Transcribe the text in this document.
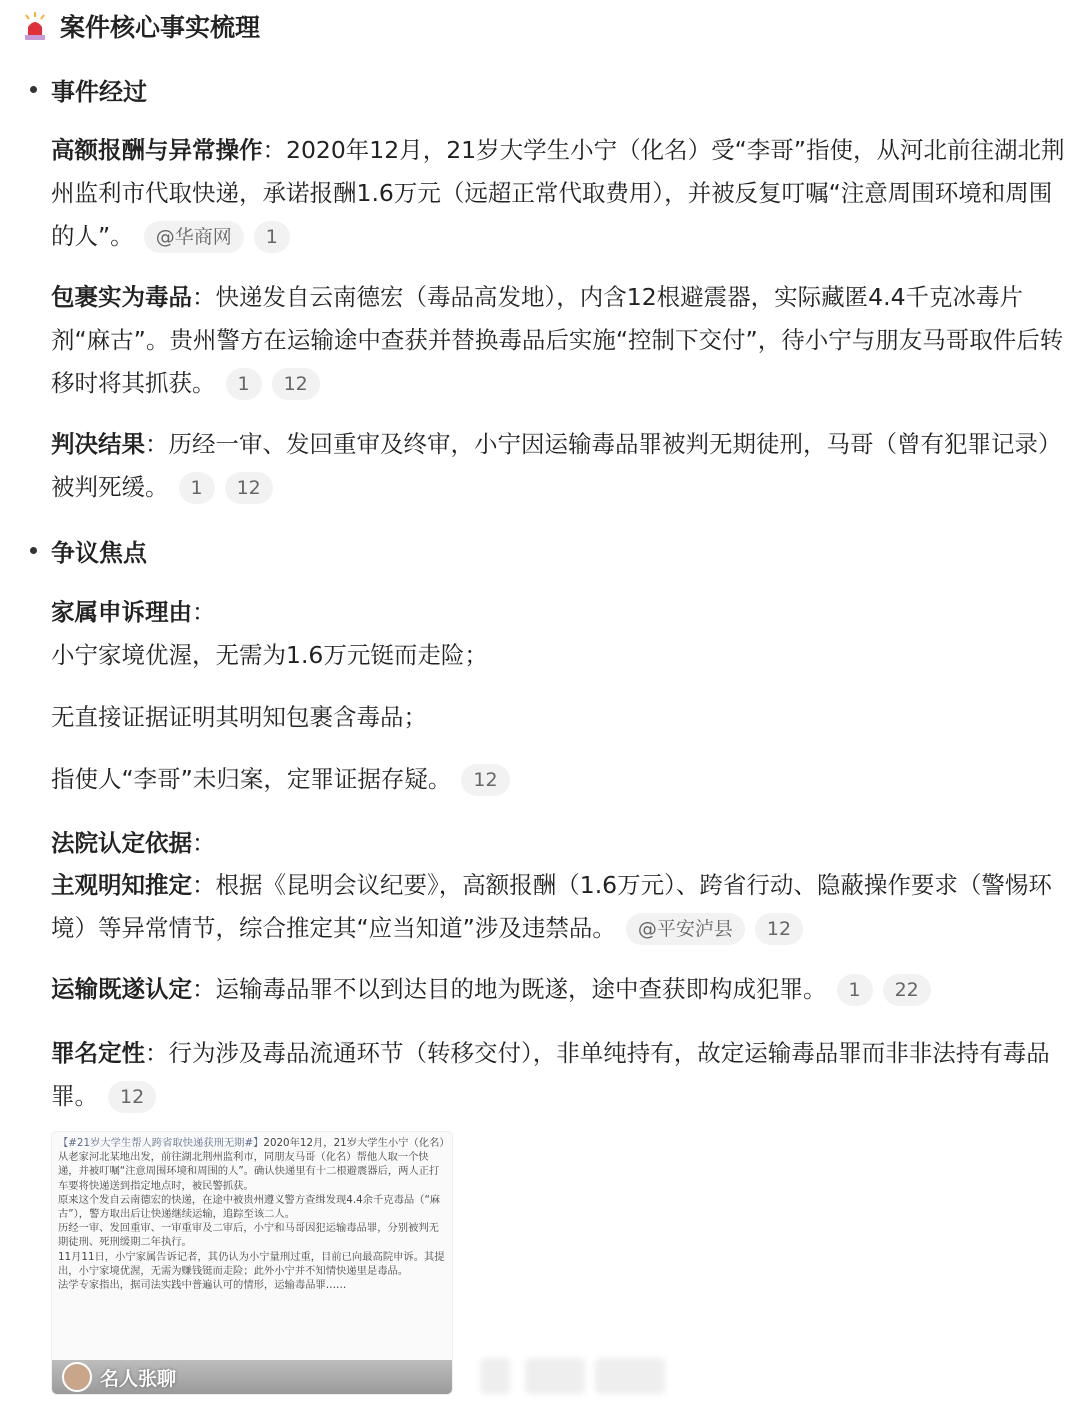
案件核心事实梳理
事件经过
高额报酬与异常操作：2020年12月，21岁大学生小宁（化名）受“李哥”指使，从河北前往湖北荆州监利市代取快递，承诺报酬1.6万元（远超正常代取费用），并被反复叮嘱“注意周围环境和周围的人”。 @华商网 1
包裹实为毒品：快递发自云南德宏（毒品高发地），内含12根避震器，实际藏匿4.4千克冰毒片剂“麻古”。贵州警方在运输途中查获并替换毒品后实施“控制下交付”，待小宁与朋友马哥取件后转移时将其抓获。 1 12
判决结果：历经一审、发回重审及终审，小宁因运输毒品罪被判无期徒刑，马哥（曾有犯罪记录）被判死缓。 1 12
争议焦点
家属申诉理由：
小宁家境优渥，无需为1.6万元铤而走险；
无直接证据证明其明知包裹含毒品；
指使人“李哥”未归案，定罪证据存疑。 12
法院认定依据：
主观明知推定：根据《昆明会议纪要》，高额报酬（1.6万元）、跨省行动、隐蔽操作要求（警惕环境）等异常情节，综合推定其“应当知道”涉及违禁品。 @平安泸县 12
运输既遂认定：运输毒品罪不以到达目的地为既遂，途中查获即构成犯罪。 1 22
罪名定性：行为涉及毒品流通环节（转移交付），非单纯持有，故定运输毒品罪而非非法持有毒品罪。 12
【#21岁大学生帮人跨省取快递获刑无期#】2020年12月，21岁大学生小宁（化名）从老家河北某地出发，前往湖北荆州监利市，同朋友马哥（化名）帮他人取一个快递，并被叮嘱“注意周围环境和周围的人”。确认快递里有十二根避震器后，两人正打车要将快递送到指定地点时，被民警抓获。
原来这个发自云南德宏的快递，在途中被贵州遵义警方查缉发现4.4余千克毒品（“麻古”），警方取出后让快递继续运输，追踪至该二人。
历经一审、发回重审、一审重审及二审后，小宁和马哥因犯运输毒品罪，分别被判无期徒刑、死刑缓期二年执行。
11月11日，小宁家属告诉记者，其仍认为小宁量刑过重，目前已向最高院申诉。其提出，小宁家境优渥，无需为赚钱铤而走险；此外小宁并不知情快递里是毒品。
法学专家指出，据司法实践中普遍认可的情形，运输毒品罪……
名人张聊
